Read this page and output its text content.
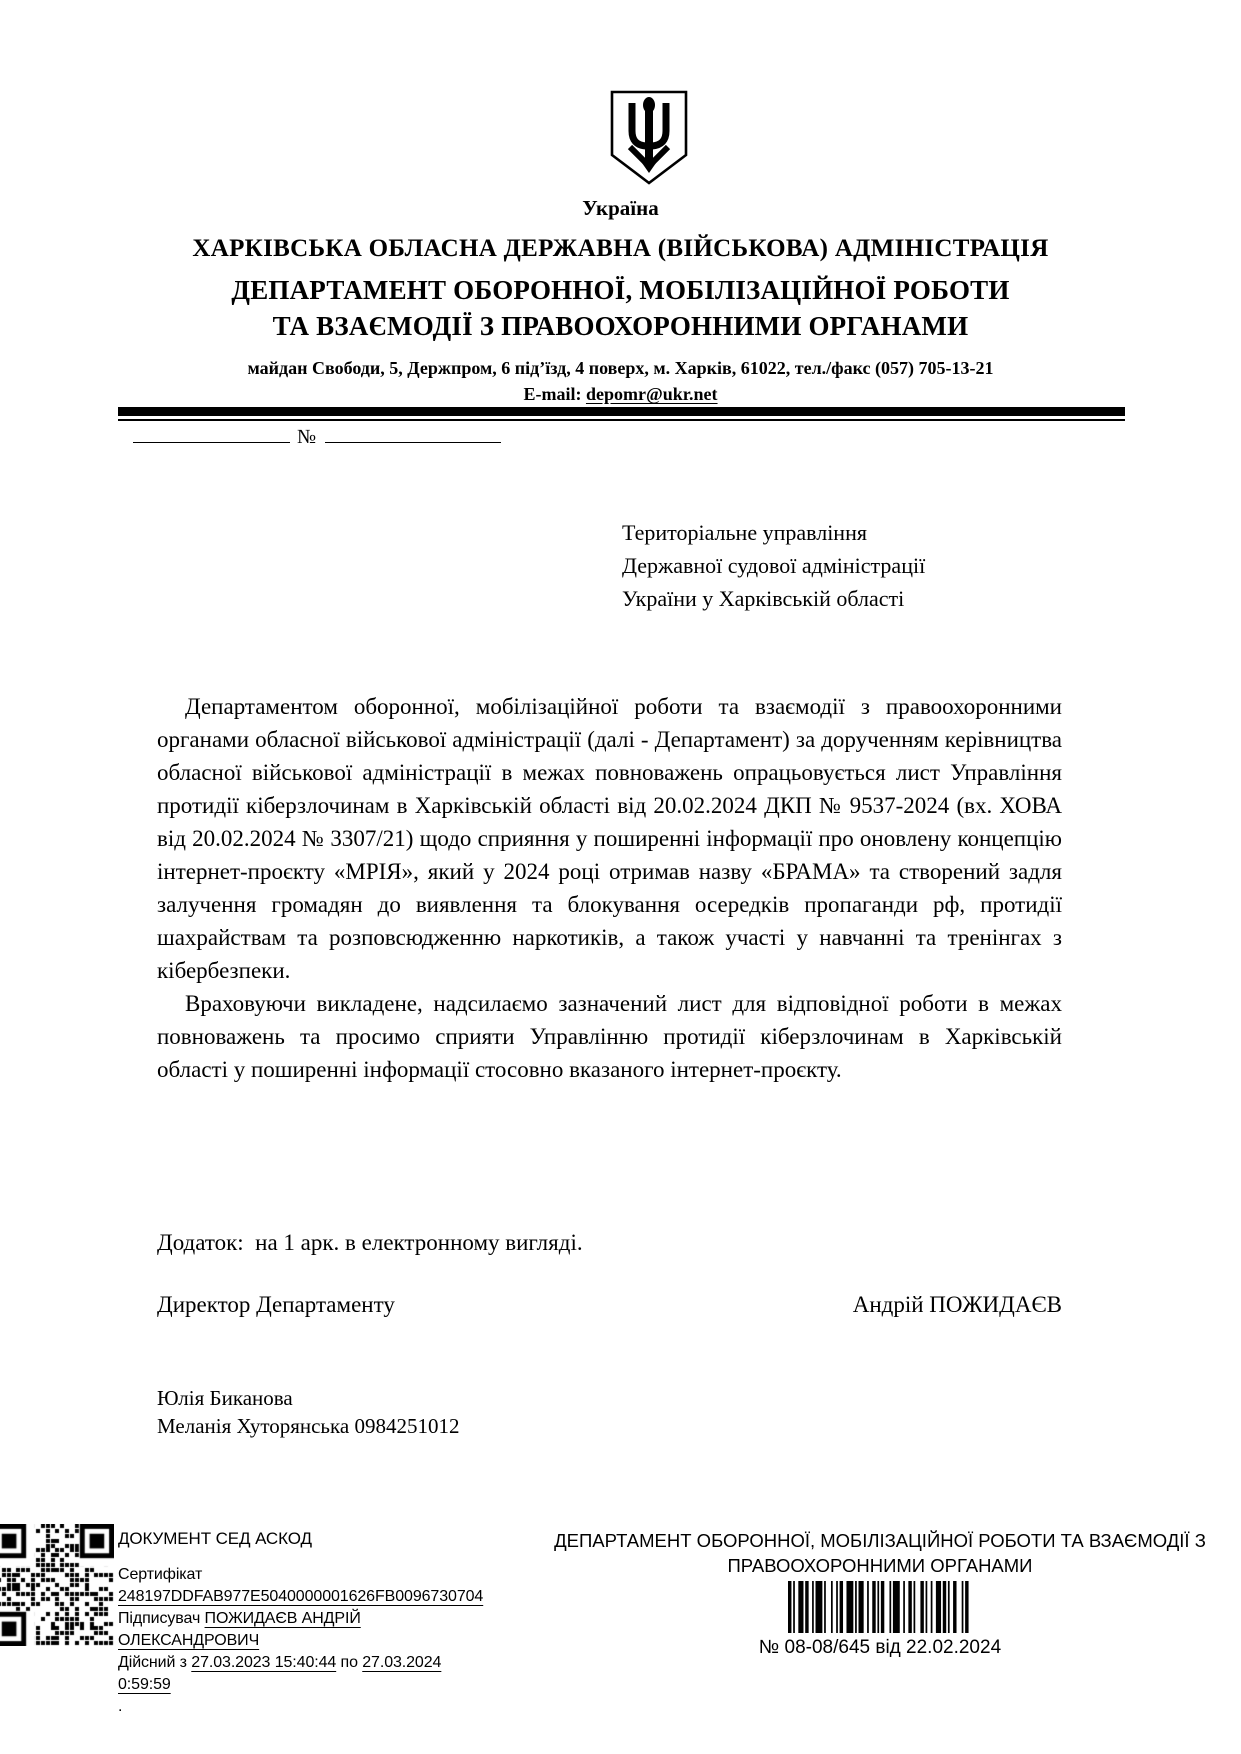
Україна
ХАРКІВСЬКА ОБЛАСНА ДЕРЖАВНА (ВІЙСЬКОВА) АДМІНІСТРАЦІЯ
ДЕПАРТАМЕНТ ОБОРОННОЇ, МОБІЛІЗАЦІЙНОЇ РОБОТИ
ТА ВЗАЄМОДІЇ З ПРАВООХОРОННИМИ ОРГАНАМИ
майдан Свободи, 5, Держпром, 6 під’їзд, 4 поверх, м. Харків, 61022, тел./факс (057) 705-13-21
E-mail: depomr@ukr.net
№
Територіальне управління
Державної судової адміністрації
України у Харківській області

Департаментом оборонної, мобілізаційної роботи та взаємодії з правоохоронними органами обласної військової адміністрації (далі - Департамент) за дорученням керівництва обласної військової адміністрації в межах повноважень опрацьовується лист Управління протидії кіберзлочинам в Харківській області від 20.02.2024 ДКП № 9537-2024 (вх. ХОВА від 20.02.2024 № 3307/21) щодо сприяння у поширенні інформації про оновлену концепцію інтернет-проєкту «МРІЯ», який у 2024 році отримав назву «БРАМА» та створений задля залучення громадян до виявлення та блокування осередків пропаганди рф, протидії шахрайствам та розповсюдженню наркотиків, а також участі у навчанні та тренінгах з кібербезпеки.

Враховуючи викладене, надсилаємо зазначений лист для відповідної роботи в межах повноважень та просимо сприяти Управлінню протидії кіберзлочинам в Харківській області у поширенні інформації стосовно вказаного інтернет-проєкту.

Додаток:  на 1 арк. в електронному вигляді.
Директор Департаменту	Андрій ПОЖИДАЄВ
Юлія Биканова
Меланія Хуторянська 0984251012
ДОКУМЕНТ СЕД АСКОД
Сертифікат
248197DDFAB977E5040000001626FB0096730704
Підписувач ПОЖИДАЄВ АНДРІЙ ОЛЕКСАНДРОВИЧ
Дійсний з 27.03.2023 15:40:44 по 27.03.2024 0:59:59
.
ДЕПАРТАМЕНТ ОБОРОННОЇ, МОБІЛІЗАЦІЙНОЇ РОБОТИ ТА ВЗАЄМОДІЇ З ПРАВООХОРОННИМИ ОРГАНАМИ
№ 08-08/645 від 22.02.2024
